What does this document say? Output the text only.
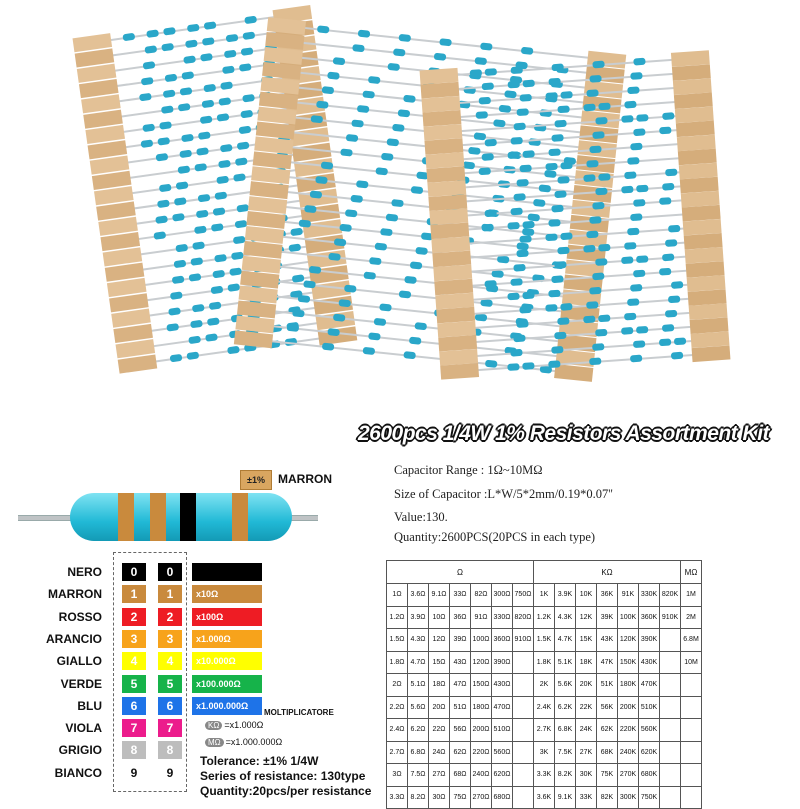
2600pcs 1/4W 1% Resistors Assortment Kit
Capacitor Range : 1Ω~10MΩ
Size of Capacitor :L*W/5*2mm/0.19*0.07''
Value:130.
Quantity:2600PCS(20PCS in each type)
±1%	MARRON
NERO	0	0
MARRON	1	1	x10Ω
ROSSO	2	2	x100Ω
ARANCIO	3	3	x1.000Ω
GIALLO	4	4	x10.000Ω
VERDE	5	5	x100.000Ω
BLU	6	6	x1.000.000Ω
VIOLA	7	7
GRIGIO	8	8
BIANCO	9	9
MOLTIPLICATORE
KΩ =x1.000Ω
MΩ =x1.000.000Ω
Tolerance: ±1% 1/4W
Series of resistance: 130type
Quantity:20pcs/per resistance
Ω							KΩ							MΩ
1Ω	3.6Ω	9.1Ω	33Ω	82Ω	300Ω	750Ω	1K	3.9K	10K	36K	91K	330K	820K	1M
1.2Ω	3.9Ω	10Ω	36Ω	91Ω	330Ω	820Ω	1.2K	4.3K	12K	39K	100K	360K	910K	2M
1.5Ω	4.3Ω	12Ω	39Ω	100Ω	360Ω	910Ω	1.5K	4.7K	15K	43K	120K	390K		6.8M
1.8Ω	4.7Ω	15Ω	43Ω	120Ω	390Ω		1.8K	5.1K	18K	47K	150K	430K		10M
2Ω	5.1Ω	18Ω	47Ω	150Ω	430Ω		2K	5.6K	20K	51K	180K	470K		
2.2Ω	5.6Ω	20Ω	51Ω	180Ω	470Ω		2.4K	6.2K	22K	56K	200K	510K		
2.4Ω	6.2Ω	22Ω	56Ω	200Ω	510Ω		2.7K	6.8K	24K	62K	220K	560K		
2.7Ω	6.8Ω	24Ω	62Ω	220Ω	560Ω		3K	7.5K	27K	68K	240K	620K		
3Ω	7.5Ω	27Ω	68Ω	240Ω	620Ω		3.3K	8.2K	30K	75K	270K	680K		
3.3Ω	8.2Ω	30Ω	75Ω	270Ω	680Ω		3.6K	9.1K	33K	82K	300K	750K		
